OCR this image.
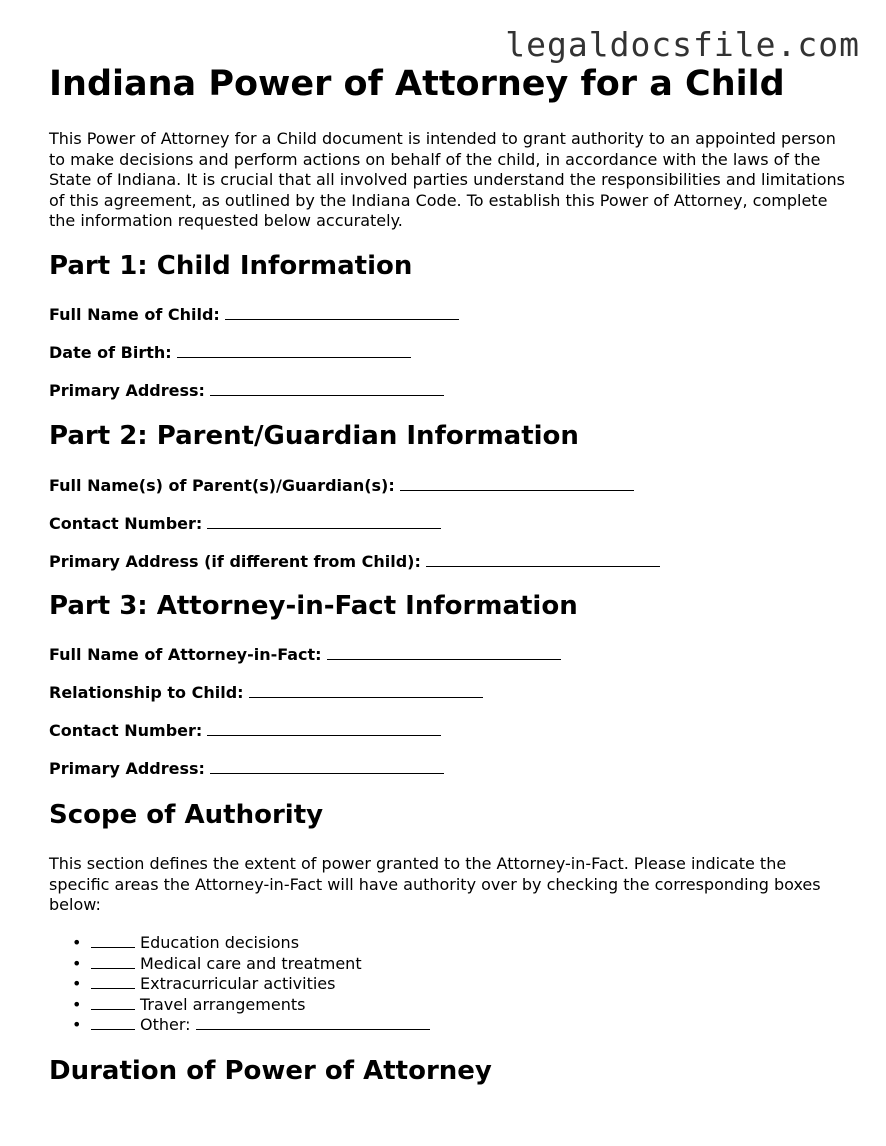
legaldocsfile.com
Indiana Power of Attorney for a Child

This Power of Attorney for a Child document is intended to grant authority to an appointed person to make decisions and perform actions on behalf of the child, in accordance with the laws of the State of Indiana. It is crucial that all involved parties understand the responsibilities and limitations of this agreement, as outlined by the Indiana Code. To establish this Power of Attorney, complete the information requested below accurately.

Part 1: Child Information

Full Name of Child:

Date of Birth:

Primary Address:

Part 2: Parent/Guardian Information

Full Name(s) of Parent(s)/Guardian(s):

Contact Number:

Primary Address (if different from Child):

Part 3: Attorney-in-Fact Information

Full Name of Attorney-in-Fact:

Relationship to Child:

Contact Number:

Primary Address:

Scope of Authority

This section defines the extent of power granted to the Attorney-in-Fact. Please indicate the specific areas the Attorney-in-Fact will have authority over by checking the corresponding boxes below:

•	Education decisions
•	Medical care and treatment
•	Extracurricular activities
•	Travel arrangements
•	Other:
Duration of Power of Attorney
